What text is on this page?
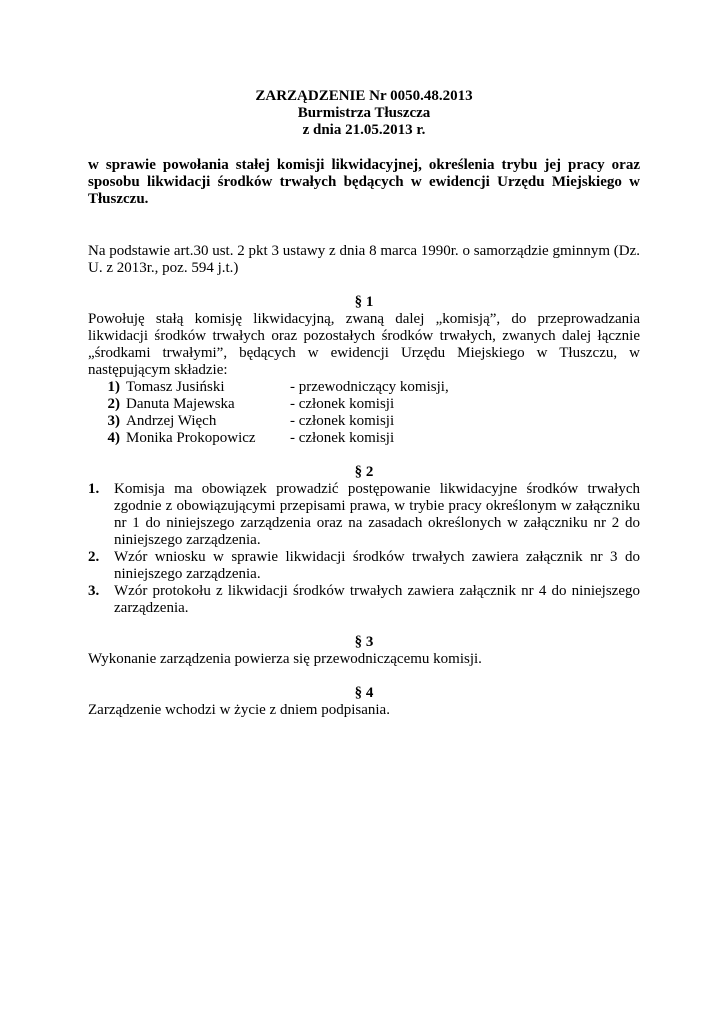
ZARZĄDZENIE Nr 0050.48.2013
Burmistrza Tłuszcza
z dnia 21.05.2013 r.
w sprawie powołania stałej komisji likwidacyjnej, określenia trybu jej pracy oraz sposobu likwidacji środków trwałych będących w ewidencji Urzędu Miejskiego w Tłuszczu.
Na podstawie art.30 ust. 2 pkt 3 ustawy z dnia 8 marca 1990r. o samorządzie gminnym (Dz. U. z 2013r., poz. 594 j.t.)
§ 1
Powołuję stałą komisję likwidacyjną, zwaną dalej „komisją”, do przeprowadzania likwidacji środków trwałych oraz pozostałych środków trwałych, zwanych dalej łącznie „środkami trwałymi”, będących w ewidencji Urzędu Miejskiego w Tłuszczu, w następującym składzie:
1) Tomasz Jusiński	- przewodniczący komisji,
2) Danuta Majewska	- członek komisji
3) Andrzej Więch	- członek komisji
4) Monika Prokopowicz	- członek komisji
§ 2
1. Komisja ma obowiązek prowadzić postępowanie likwidacyjne środków trwałych zgodnie z obowiązującymi przepisami prawa, w trybie pracy określonym w załączniku nr 1 do niniejszego zarządzenia oraz na zasadach określonych w załączniku nr 2 do niniejszego zarządzenia.
2. Wzór wniosku w sprawie likwidacji środków trwałych zawiera załącznik nr 3 do niniejszego zarządzenia.
3. Wzór protokołu z likwidacji środków trwałych zawiera załącznik nr 4 do niniejszego zarządzenia.
§ 3
Wykonanie zarządzenia powierza się przewodniczącemu komisji.
§ 4
Zarządzenie wchodzi w życie z dniem podpisania.
